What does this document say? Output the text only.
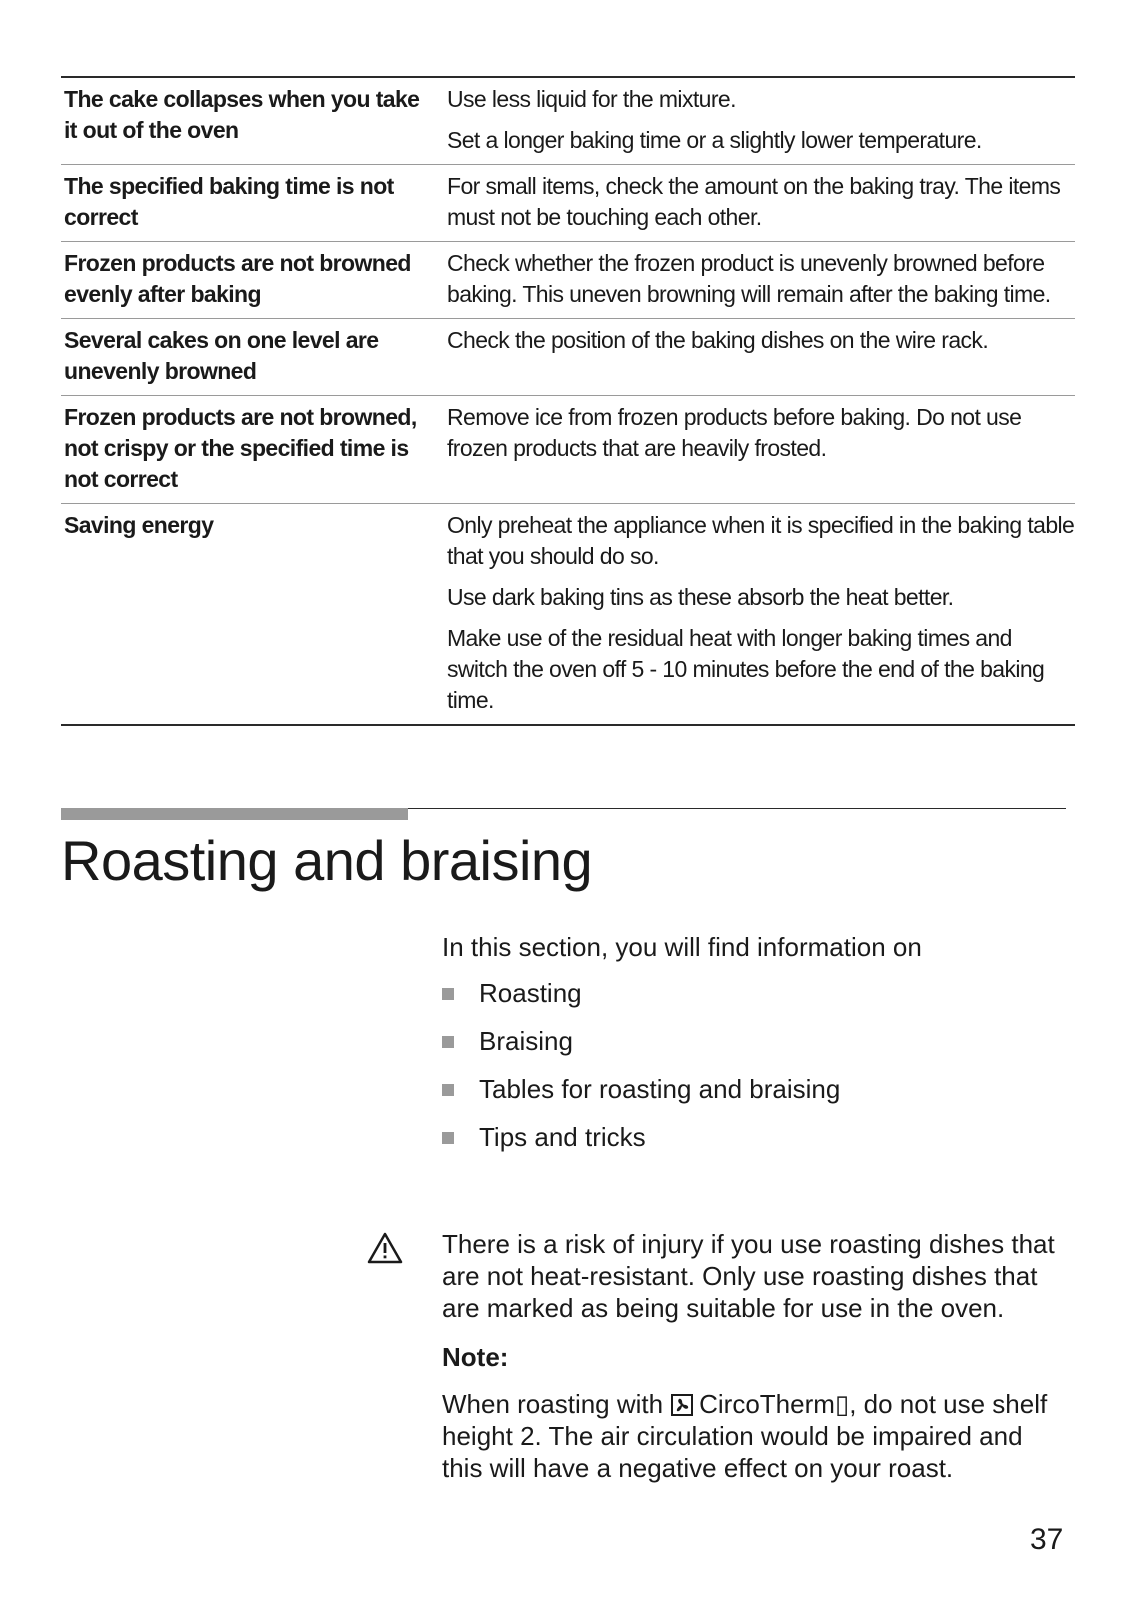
The cake collapses when you take it out of the oven
Use less liquid for the mixture.
Set a longer baking time or a slightly lower temperature.
The specified baking time is not correct
For small items, check the amount on the baking tray. The items must not be touching each other.
Frozen products are not browned evenly after baking
Check whether the frozen product is unevenly browned before baking. This uneven browning will remain after the baking time.
Several cakes on one level are unevenly browned
Check the position of the baking dishes on the wire rack.
Frozen products are not browned, not crispy or the specified time is not correct
Remove ice from frozen products before baking. Do not use frozen products that are heavily frosted.
Saving energy	Only preheat the appliance when it is specified in the baking table that you should do so.
Use dark baking tins as these absorb the heat better.
Make use of the residual heat with longer baking times and switch the oven off 5 - 10 minutes before the end of the baking time.
Roasting and braising
In this section, you will find information on
Roasting
Braising
Tables for roasting and braising
Tips and tricks
There is a risk of injury if you use roasting dishes that are not heat-resistant. Only use roasting dishes that are marked as being suitable for use in the oven.
Note:
When roasting with CircoTherm▯, do not use shelf height 2. The air circulation would be impaired and this will have a negative effect on your roast.
37
